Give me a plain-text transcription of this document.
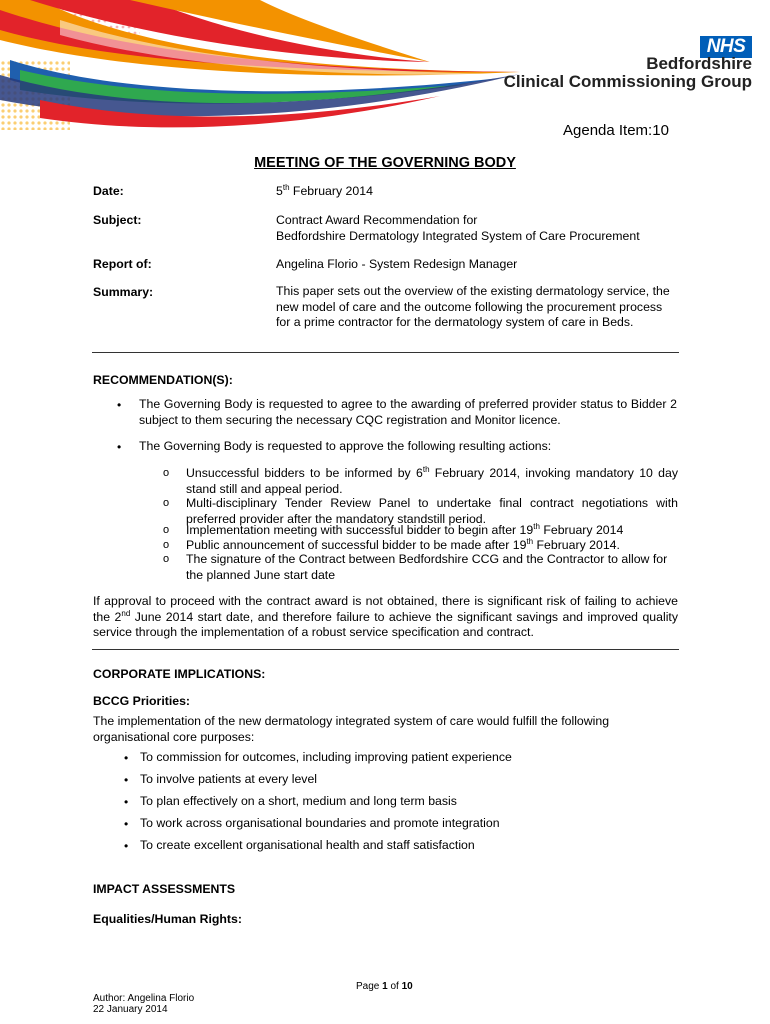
NHS
Bedfordshire
Clinical Commissioning Group
Agenda Item:10
MEETING OF THE GOVERNING BODY
Date:	5th February 2014
Subject:	Contract Award Recommendation for
Bedfordshire Dermatology Integrated System of Care Procurement
Report of:	Angelina Florio - System Redesign Manager
Summary:	This paper sets out the overview of the existing dermatology service, the new model of care and the outcome following the procurement process for a prime contractor for the dermatology system of care in Beds.
RECOMMENDATION(S):
• The Governing Body is requested to agree to the awarding of preferred provider status to Bidder 2 subject to them securing the necessary CQC registration and Monitor licence.
• The Governing Body is requested to approve the following resulting actions:
o Unsuccessful bidders to be informed by 6th February 2014, invoking mandatory 10 day stand still and appeal period.
o Multi-disciplinary Tender Review Panel to undertake final contract negotiations with preferred provider after the mandatory standstill period.
o Implementation meeting with successful bidder to begin after 19th February 2014
o Public announcement of successful bidder to be made after 19th February 2014.
o The signature of the Contract between Bedfordshire CCG and the Contractor to allow for the planned June start date
If approval to proceed with the contract award is not obtained, there is significant risk of failing to achieve the 2nd June 2014 start date, and therefore failure to achieve the significant savings and improved quality service through the implementation of a robust service specification and contract.
CORPORATE IMPLICATIONS:
BCCG Priorities:
The implementation of the new dermatology integrated system of care would fulfill the following organisational core purposes:
• To commission for outcomes, including improving patient experience
• To involve patients at every level
• To plan effectively on a short, medium and long term basis
• To work across organisational boundaries and promote integration
• To create excellent organisational health and staff satisfaction
IMPACT ASSESSMENTS
Equalities/Human Rights:
Page 1 of 10
Author: Angelina Florio
22 January 2014
